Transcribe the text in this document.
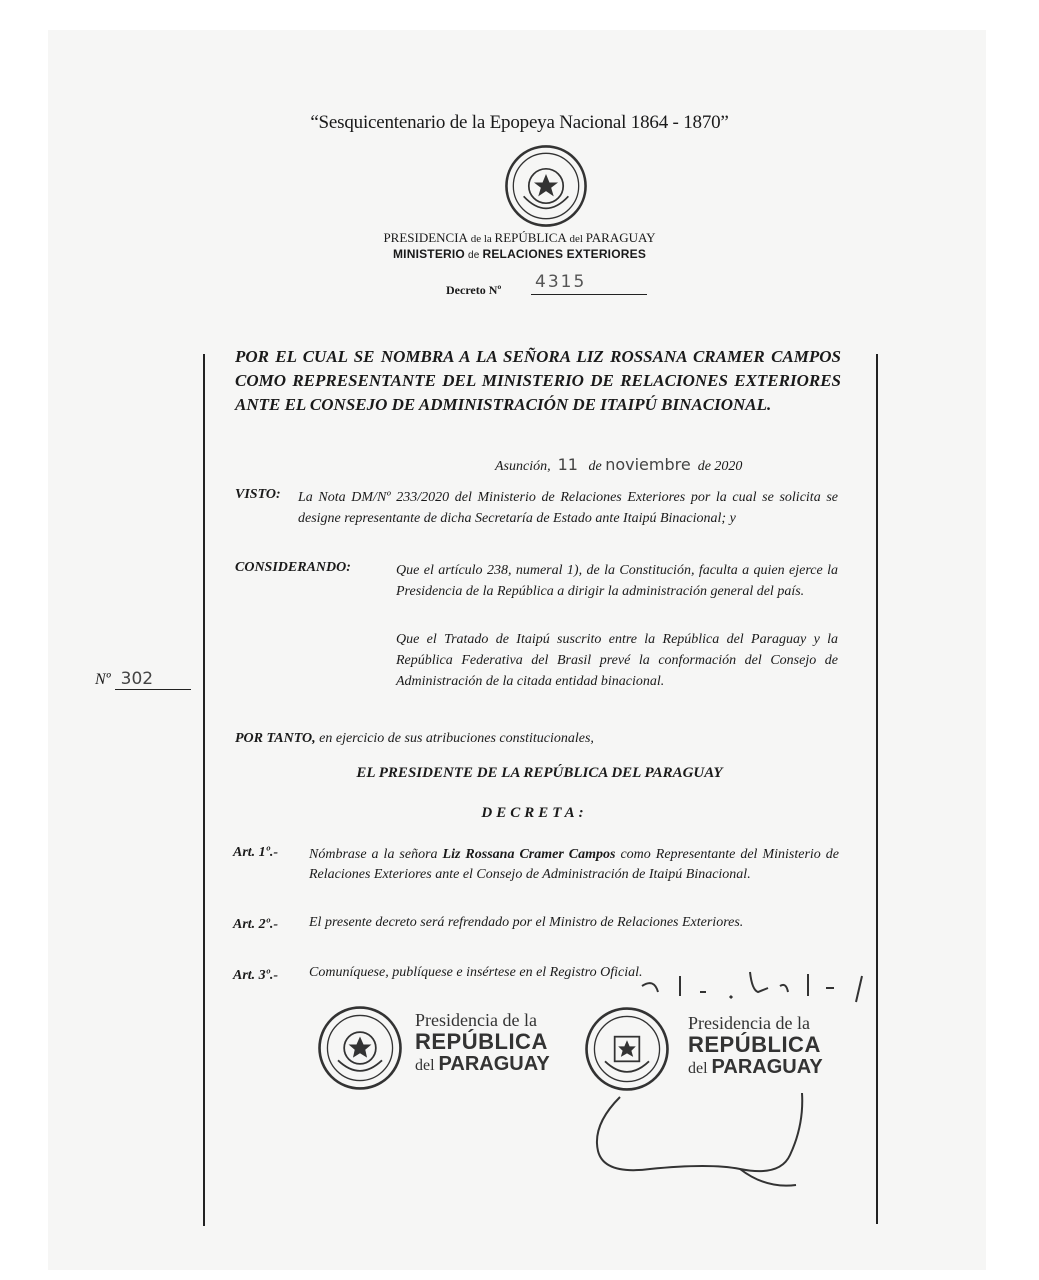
“Sesquicentenario de la Epopeya Nacional 1864 - 1870”
PRESIDENCIA de la REPÚBLICA del PARAGUAY
MINISTERIO de RELACIONES EXTERIORES
Decreto Nº 4315
POR EL CUAL SE NOMBRA A LA SEÑORA LIZ ROSSANA CRAMER CAMPOS COMO REPRESENTANTE DEL MINISTERIO DE RELACIONES EXTERIORES ANTE EL CONSEJO DE ADMINISTRACIÓN DE ITAIPÚ BINACIONAL.
Asunción, 11 de noviembre de 2020
VISTO: La Nota DM/Nº 233/2020 del Ministerio de Relaciones Exteriores por la cual se solicita se designe representante de dicha Secretaría de Estado ante Itaipú Binacional; y
CONSIDERANDO:	Que el artículo 238, numeral 1), de la Constitución, faculta a quien ejerce la Presidencia de la República a dirigir la administración general del país.
Que el Tratado de Itaipú suscrito entre la República del Paraguay y la República Federativa del Brasil prevé la conformación del Consejo de Administración de la citada entidad binacional.
Nº 302
POR TANTO, en ejercicio de sus atribuciones constitucionales,
EL PRESIDENTE DE LA REPÚBLICA DEL PARAGUAY
DECRETA:
Art. 1º.- Nómbrase a la señora Liz Rossana Cramer Campos como Representante del Ministerio de Relaciones Exteriores ante el Consejo de Administración de Itaipú Binacional.
Art. 2º.- El presente decreto será refrendado por el Ministro de Relaciones Exteriores.
Art. 3º.- Comuníquese, publíquese e insértese en el Registro Oficial.
Presidencia de la
REPÚBLICA
del PARAGUAY
Presidencia de la
REPÚBLICA
del PARAGUAY
